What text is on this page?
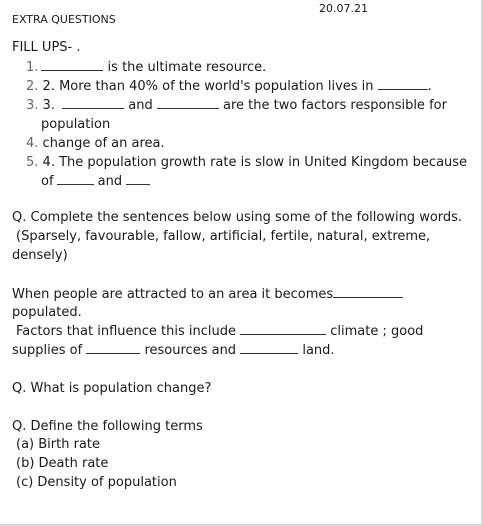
20.07.21
EXTRA QUESTIONS
FILL UPS- .
1.	is the ultimate resource.
2. 2. More than 40% of the world's population lives in	.
3. 3.	and	are the two factors responsible for
population
4. change of an area.
5. 4. The population growth rate is slow in United Kingdom because
of	and
Q. Complete the sentences below using some of the following words.
(Sparsely, favourable, fallow, artificial, fertile, natural, extreme,
densely)
When people are attracted to an area it becomes
populated.
Factors that influence this include	climate ; good
supplies of	resources and	land.
Q. What is population change?
Q. Define the following terms
(a) Birth rate
(b) Death rate
(c) Density of population
